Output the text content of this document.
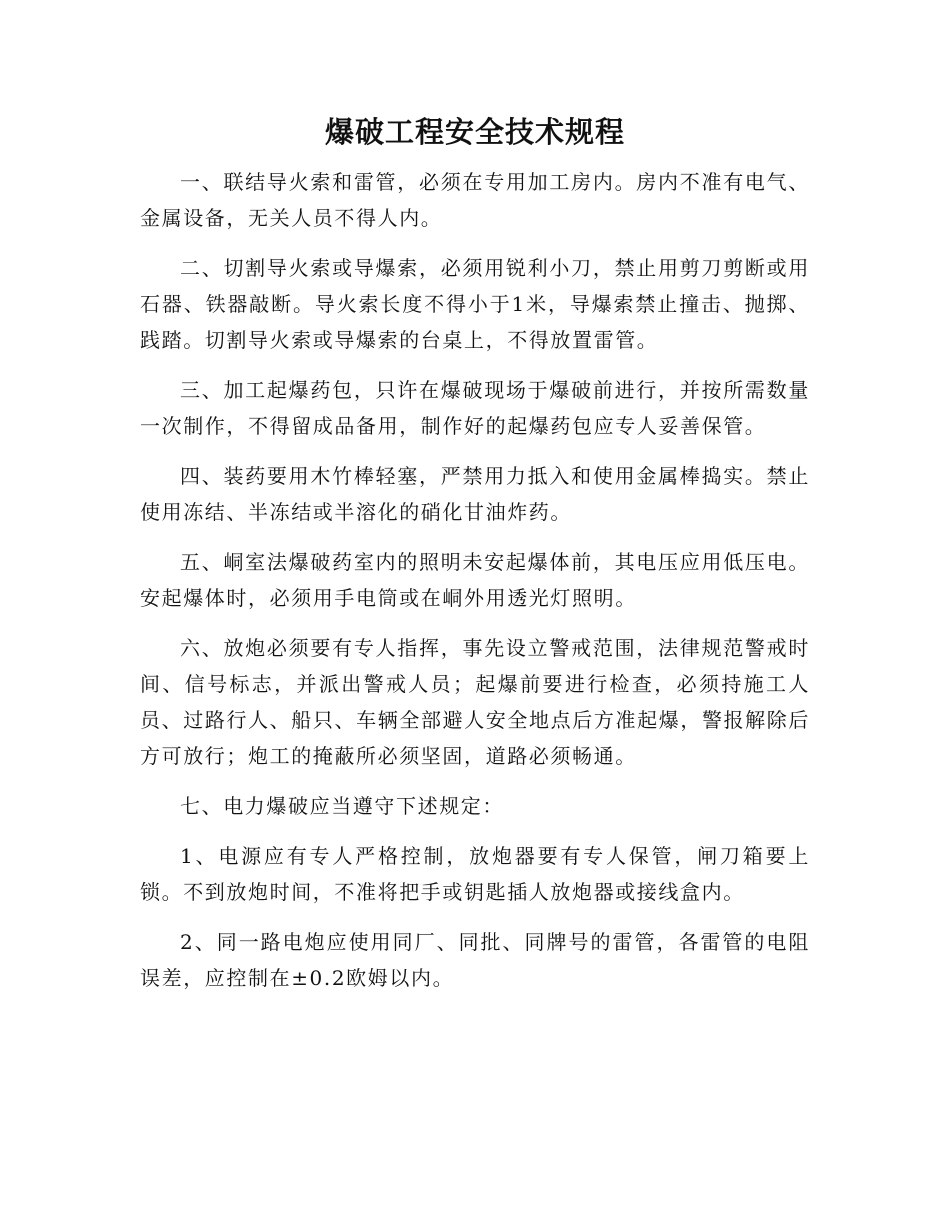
爆破工程安全技术规程

一、联结导火索和雷管，必须在专用加工房内。房内不准有电气、金属设备，无关人员不得人内。

二、切割导火索或导爆索，必须用锐利小刀，禁止用剪刀剪断或用石器、铁器敲断。导火索长度不得小于1米，导爆索禁止撞击、抛掷、践踏。切割导火索或导爆索的台桌上，不得放置雷管。

三、加工起爆药包，只许在爆破现场于爆破前进行，并按所需数量一次制作，不得留成品备用，制作好的起爆药包应专人妥善保管。

四、装药要用木竹棒轻塞，严禁用力抵入和使用金属棒捣实。禁止使用冻结、半冻结或半溶化的硝化甘油炸药。

五、峒室法爆破药室内的照明未安起爆体前，其电压应用低压电。安起爆体时，必须用手电筒或在峒外用透光灯照明。

六、放炮必须要有专人指挥，事先设立警戒范围，法律规范警戒时间、信号标志，并派出警戒人员；起爆前要进行检查，必须持施工人员、过路行人、船只、车辆全部避人安全地点后方准起爆，警报解除后方可放行；炮工的掩蔽所必须坚固，道路必须畅通。

七、电力爆破应当遵守下述规定：

1、电源应有专人严格控制，放炮器要有专人保管，闸刀箱要上锁。不到放炮时间，不准将把手或钥匙插人放炮器或接线盒内。

2、同一路电炮应使用同厂、同批、同牌号的雷管，各雷管的电阻误差，应控制在±0.2欧姆以内。
